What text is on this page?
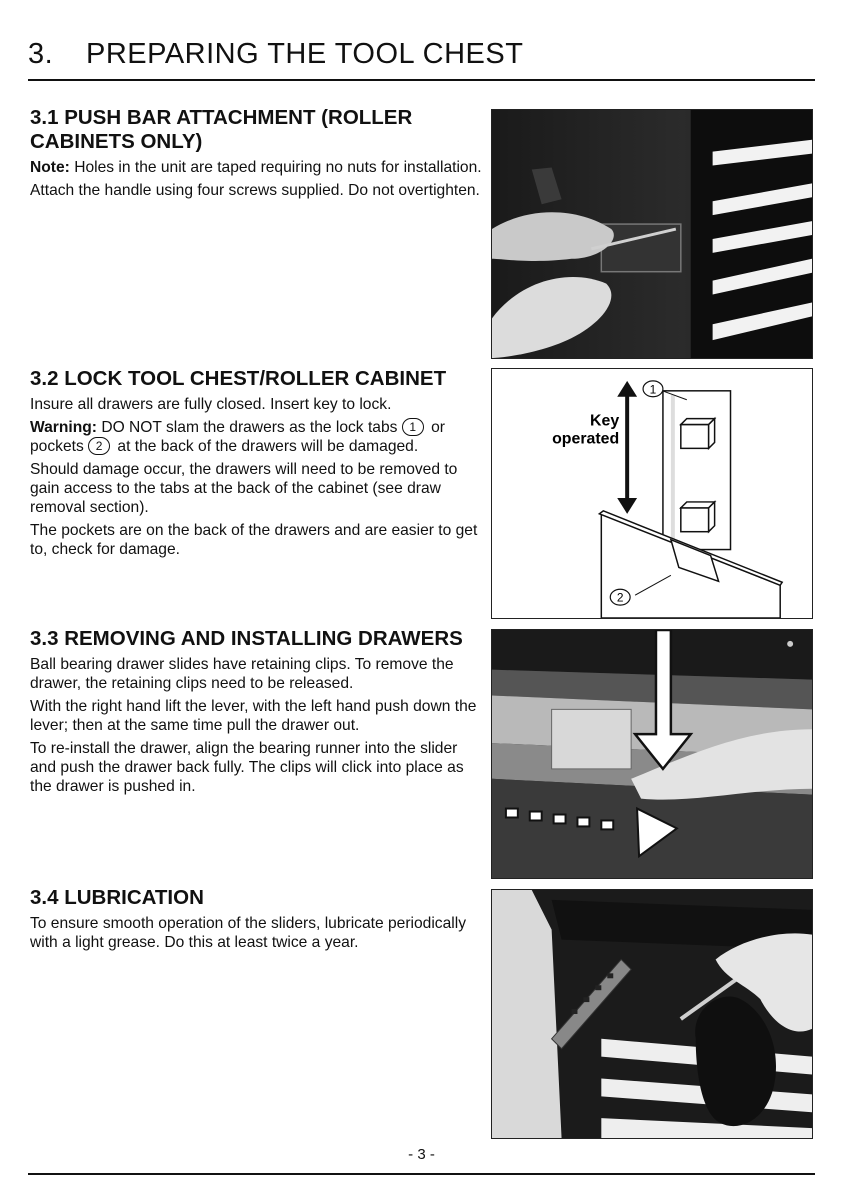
3.	PREPARING THE TOOL CHEST
3.1 PUSH BAR ATTACHMENT (ROLLER CABINETS ONLY)

Note: Holes in the unit are taped requiring no nuts for installation.

Attach the handle using four screws supplied. Do not overtighten.

3.2 LOCK TOOL CHEST/ROLLER CABINET

Insure all drawers are fully closed. Insert key to lock.

Warning: DO NOT slam the drawers as the lock tabs 1 or pockets 2 at the back of the drawers will be damaged.

Should damage occur, the drawers will need to be removed to gain access to the tabs at the back of the cabinet (see draw removal section).

The pockets are on the back of the drawers and are easier to get to, check for damage.

3.3 REMOVING AND INSTALLING DRAWERS

Ball bearing drawer slides have retaining clips. To remove the drawer, the retaining clips need to be released.

With the right hand lift the lever, with the left hand push down the lever; then at the same time pull the drawer out.

To re-install the drawer, align the bearing runner into the slider and push the drawer back fully. The clips will click into place as the drawer is pushed in.

3.4 LUBRICATION

To ensure smooth operation of the sliders, lubricate periodically with a light grease. Do this at least twice a year.

1
2
Key
operated
- 3 -
